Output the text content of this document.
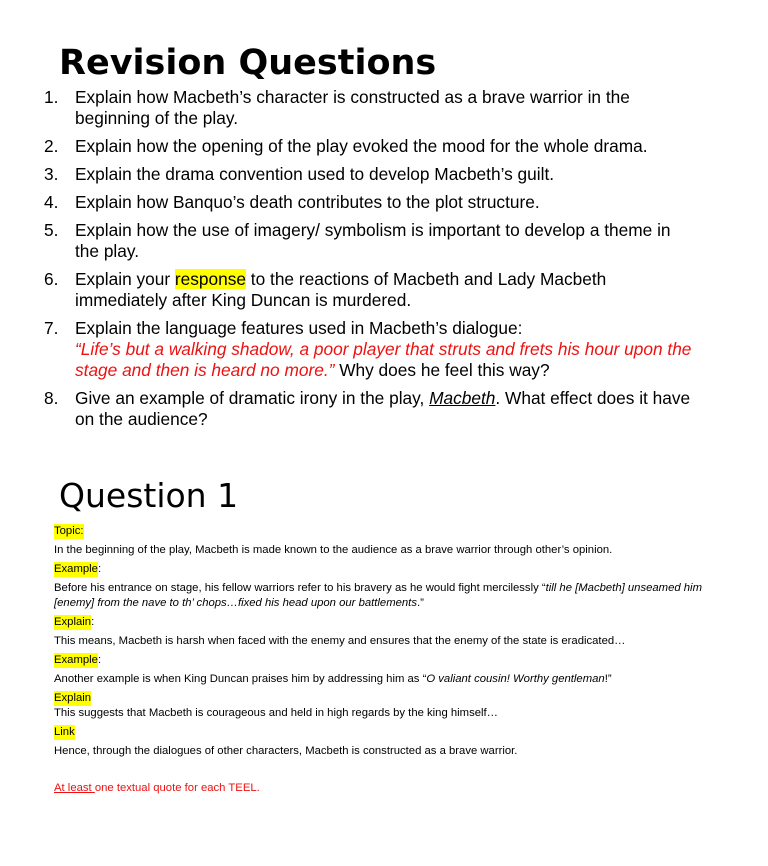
Revision Questions
1. Explain how Macbeth’s character is constructed as a brave warrior in the beginning of the play.
2. Explain how the opening of the play evoked the mood for the whole drama.
3. Explain the drama convention used to develop Macbeth’s guilt.
4. Explain how Banquo’s death contributes to the plot structure.
5. Explain how the use of imagery/ symbolism is important to develop a theme in the play.
6. Explain your response to the reactions of Macbeth and Lady Macbeth immediately after King Duncan is murdered.
7. Explain the language features used in Macbeth’s dialogue:
“Life’s but a walking shadow, a poor player that struts and frets his hour upon the stage and then is heard no more.” Why does he feel this way?
8. Give an example of dramatic irony in the play, Macbeth. What effect does it have on the audience?
Question 1

Topic:

In the beginning of the play, Macbeth is made known to the audience as a brave warrior through other’s opinion.

Example:

Before his entrance on stage, his fellow warriors refer to his bravery as he would fight mercilessly “till he [Macbeth] unseamed him [enemy] from the nave to th’ chops…fixed his head upon our battlements.”

Explain:

This means, Macbeth is harsh when faced with the enemy and ensures that the enemy of the state is eradicated…

Example:

Another example is when King Duncan praises him by addressing him as “O valiant cousin! Worthy gentleman!”

Explain

This suggests that Macbeth is courageous and held in high regards by the king himself…

Link

Hence, through the dialogues of other characters, Macbeth is constructed as a brave warrior.

At least one textual quote for each TEEL.
